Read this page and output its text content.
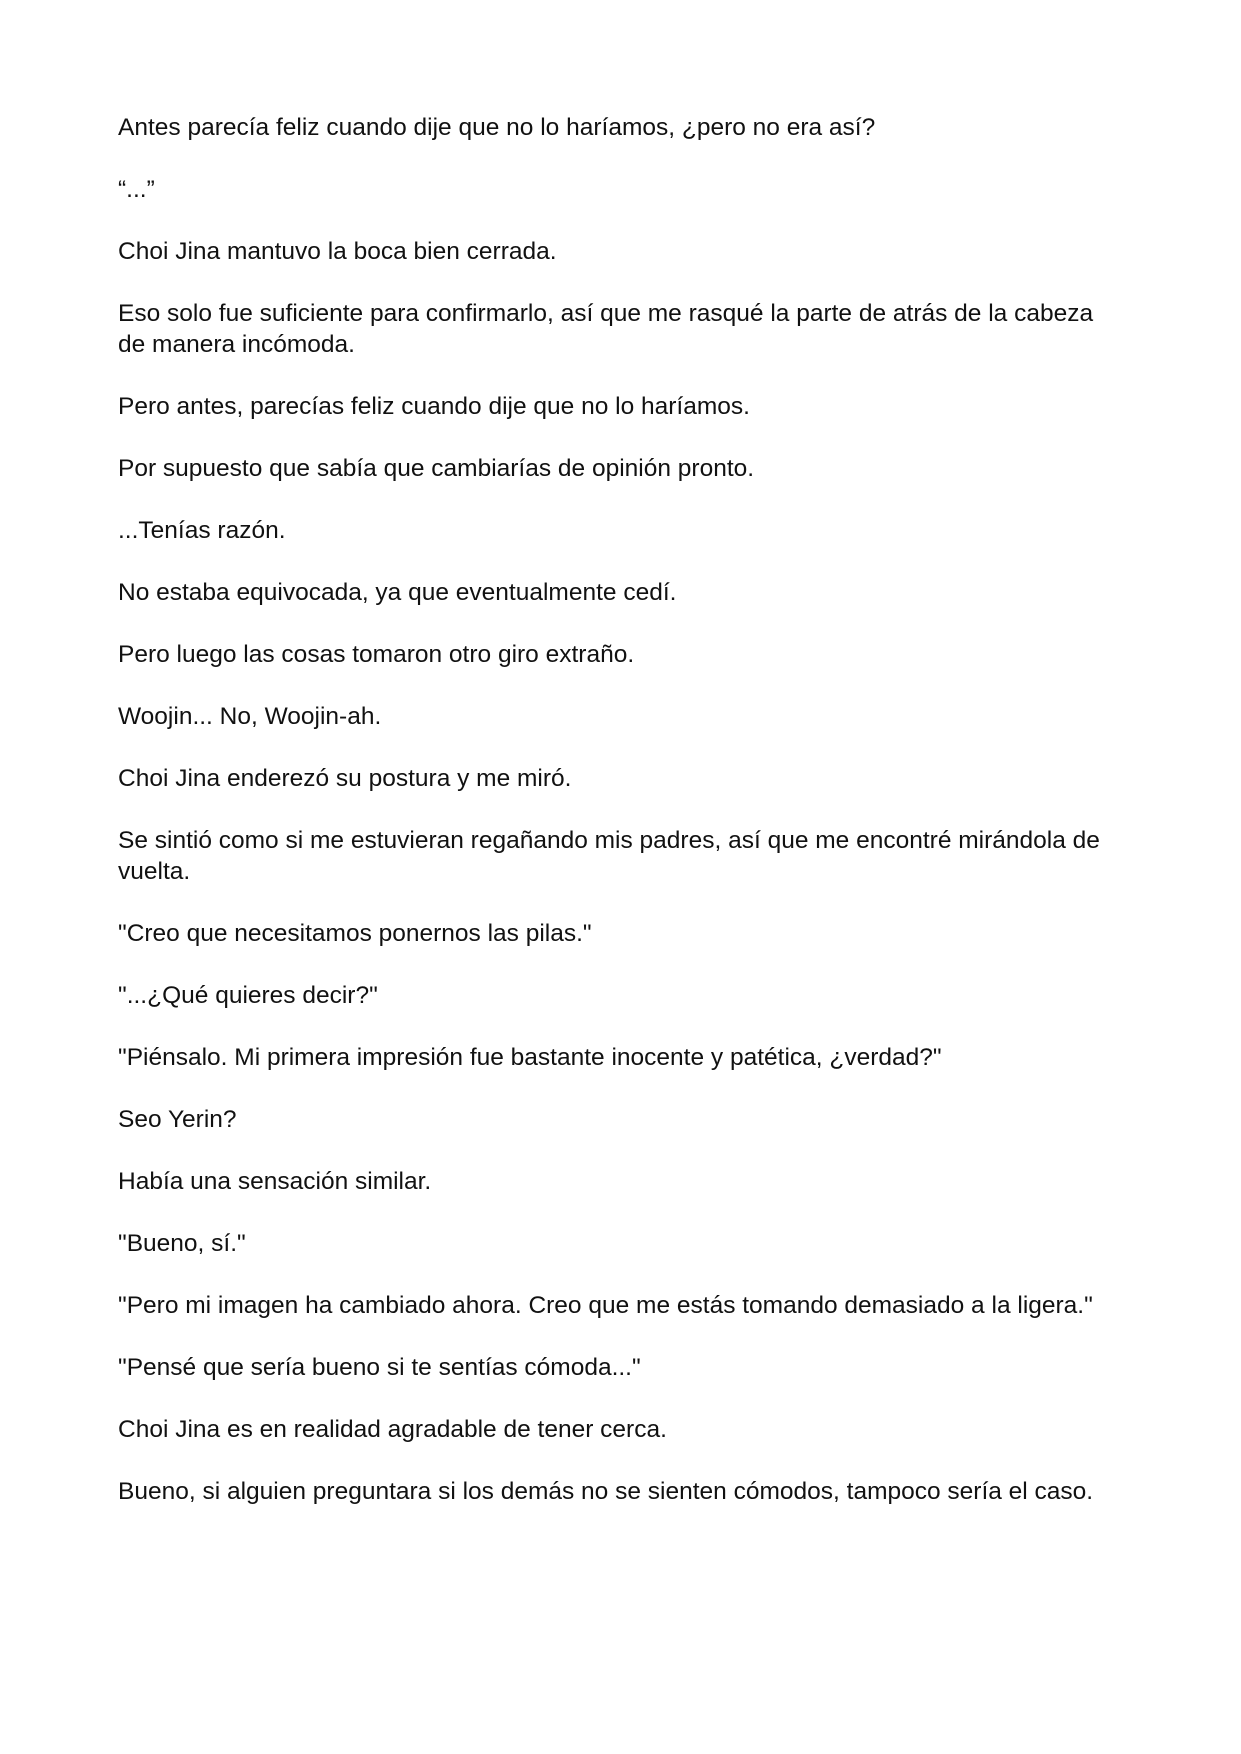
Antes parecía feliz cuando dije que no lo haríamos, ¿pero no era así?

“...”

Choi Jina mantuvo la boca bien cerrada.

Eso solo fue suficiente para confirmarlo, así que me rasqué la parte de atrás de la cabeza de manera incómoda.

Pero antes, parecías feliz cuando dije que no lo haríamos.

Por supuesto que sabía que cambiarías de opinión pronto.

...Tenías razón.

No estaba equivocada, ya que eventualmente cedí.

Pero luego las cosas tomaron otro giro extraño.

Woojin... No, Woojin-ah.

Choi Jina enderezó su postura y me miró.

Se sintió como si me estuvieran regañando mis padres, así que me encontré mirándola de vuelta.

"Creo que necesitamos ponernos las pilas."

"...¿Qué quieres decir?"

"Piénsalo. Mi primera impresión fue bastante inocente y patética, ¿verdad?"

Seo Yerin?

Había una sensación similar.

"Bueno, sí."

"Pero mi imagen ha cambiado ahora. Creo que me estás tomando demasiado a la ligera."

"Pensé que sería bueno si te sentías cómoda..."

Choi Jina es en realidad agradable de tener cerca.

Bueno, si alguien preguntara si los demás no se sienten cómodos, tampoco sería el caso.
